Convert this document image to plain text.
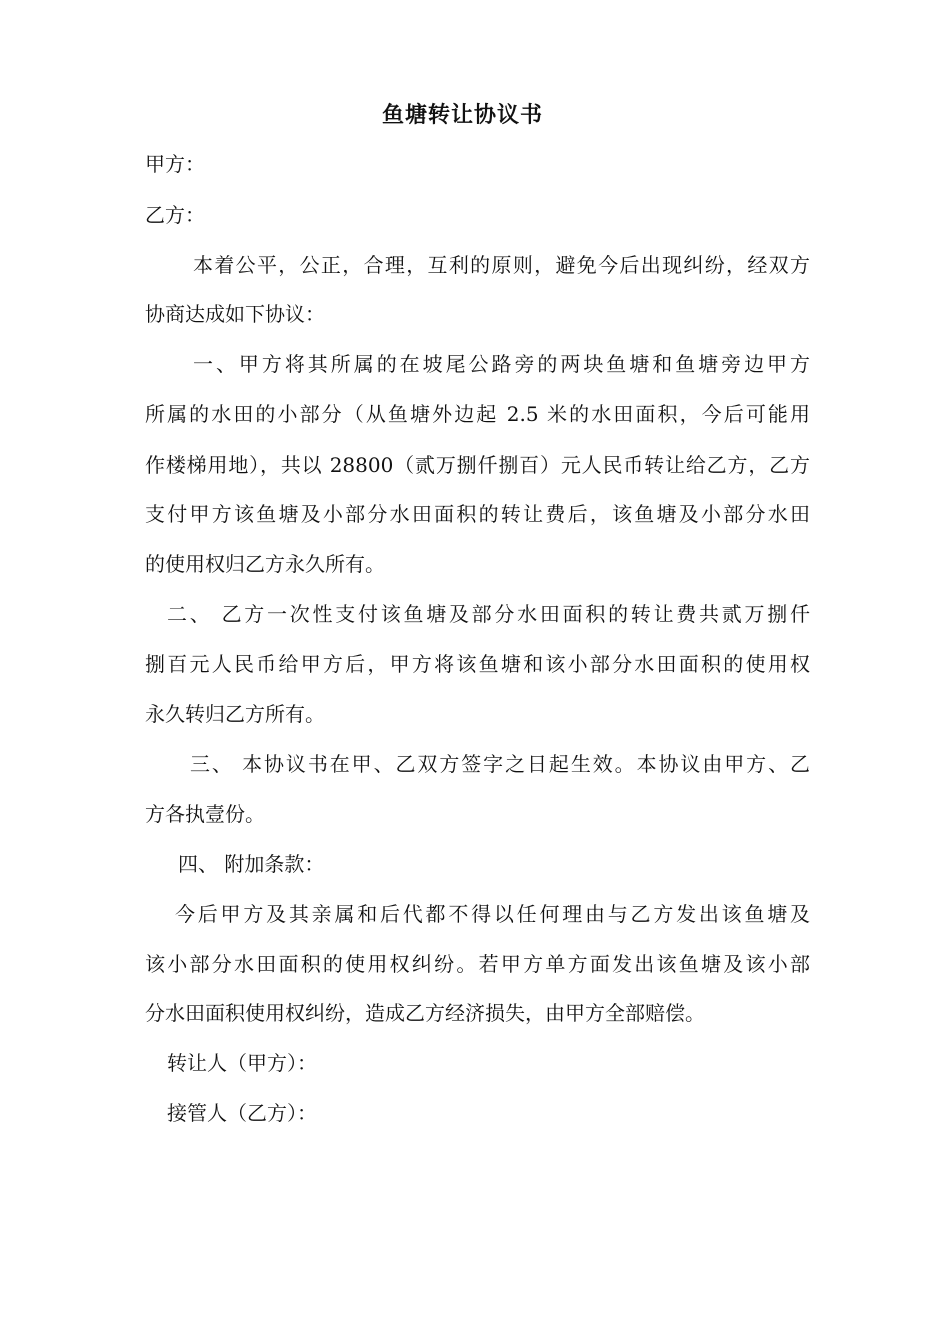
鱼塘转让协议书
甲方：
乙方：
本着公平，公正，合理，互利的原则，避免今后出现纠纷，经双方
协商达成如下协议：
一、甲方将其所属的在坡尾公路旁的两块鱼塘和鱼塘旁边甲方
所属的水田的小部分（从鱼塘外边起 2.5 米的水田面积，今后可能用
作楼梯用地），共以 28800（贰万捌仟捌百）元人民币转让给乙方，乙方
支付甲方该鱼塘及小部分水田面积的转让费后，该鱼塘及小部分水田
的使用权归乙方永久所有。
二、 乙方一次性支付该鱼塘及部分水田面积的转让费共贰万捌仟
捌百元人民币给甲方后，甲方将该鱼塘和该小部分水田面积的使用权
永久转归乙方所有。
三、 本协议书在甲、乙双方签字之日起生效。本协议由甲方、乙
方各执壹份。
四、 附加条款：
今后甲方及其亲属和后代都不得以任何理由与乙方发出该鱼塘及
该小部分水田面积的使用权纠纷。若甲方单方面发出该鱼塘及该小部
分水田面积使用权纠纷，造成乙方经济损失，由甲方全部赔偿。
转让人（甲方）：
接管人（乙方）：
